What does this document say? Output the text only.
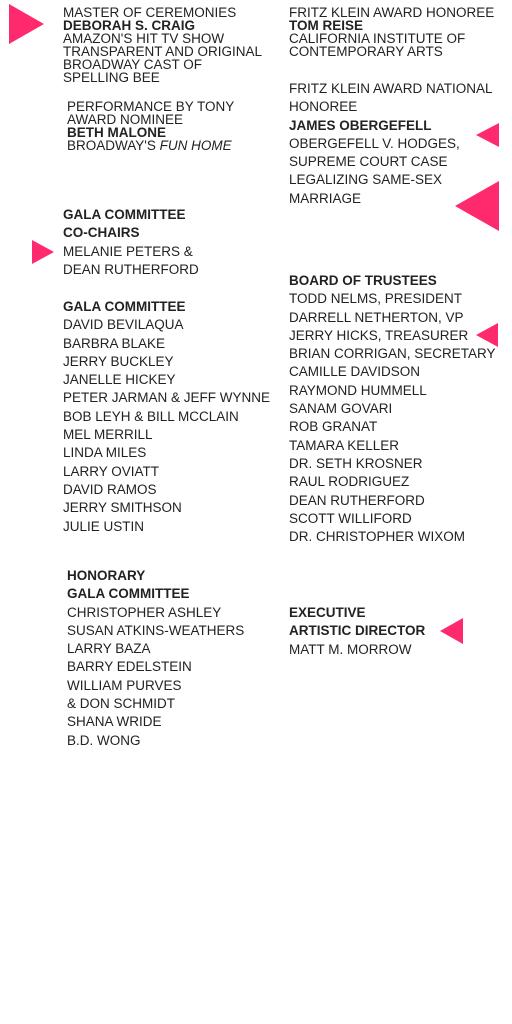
MASTER OF CEREMONIES
DEBORAH S. CRAIG
AMAZON'S HIT TV SHOW
TRANSPARENT AND ORIGINAL
BROADWAY CAST OF
SPELLING BEE
PERFORMANCE BY TONY
AWARD NOMINEE
BETH MALONE
BROADWAY'S FUN HOME
FRITZ KLEIN AWARD HONOREE
TOM REISE
CALIFORNIA INSTITUTE OF
CONTEMPORARY ARTS
FRITZ KLEIN AWARD NATIONAL
HONOREE
JAMES OBERGEFELL
OBERGEFELL V. HODGES,
SUPREME COURT CASE
LEGALIZING SAME-SEX
MARRIAGE
GALA COMMITTEE
CO-CHAIRS
MELANIE PETERS &
DEAN RUTHERFORD
GALA COMMITTEE
DAVID BEVILAQUA
BARBRA BLAKE
JERRY BUCKLEY
JANELLE HICKEY
PETER JARMAN & JEFF WYNNE
BOB LEYH & BILL MCCLAIN
MEL MERRILL
LINDA MILES
LARRY OVIATT
DAVID RAMOS
JERRY SMITHSON
JULIE USTIN
BOARD OF TRUSTEES
TODD NELMS, PRESIDENT
DARRELL NETHERTON, VP
JERRY HICKS, TREASURER
BRIAN CORRIGAN, SECRETARY
CAMILLE DAVIDSON
RAYMOND HUMMELL
SANAM GOVARI
ROB GRANAT
TAMARA KELLER
DR. SETH KROSNER
RAUL RODRIGUEZ
DEAN RUTHERFORD
SCOTT WILLIFORD
DR. CHRISTOPHER WIXOM
HONORARY
GALA COMMITTEE
CHRISTOPHER ASHLEY
SUSAN ATKINS-WEATHERS
LARRY BAZA
BARRY EDELSTEIN
WILLIAM PURVES
& DON SCHMIDT
SHANA WRIDE
B.D. WONG
EXECUTIVE
ARTISTIC DIRECTOR
MATT M. MORROW
